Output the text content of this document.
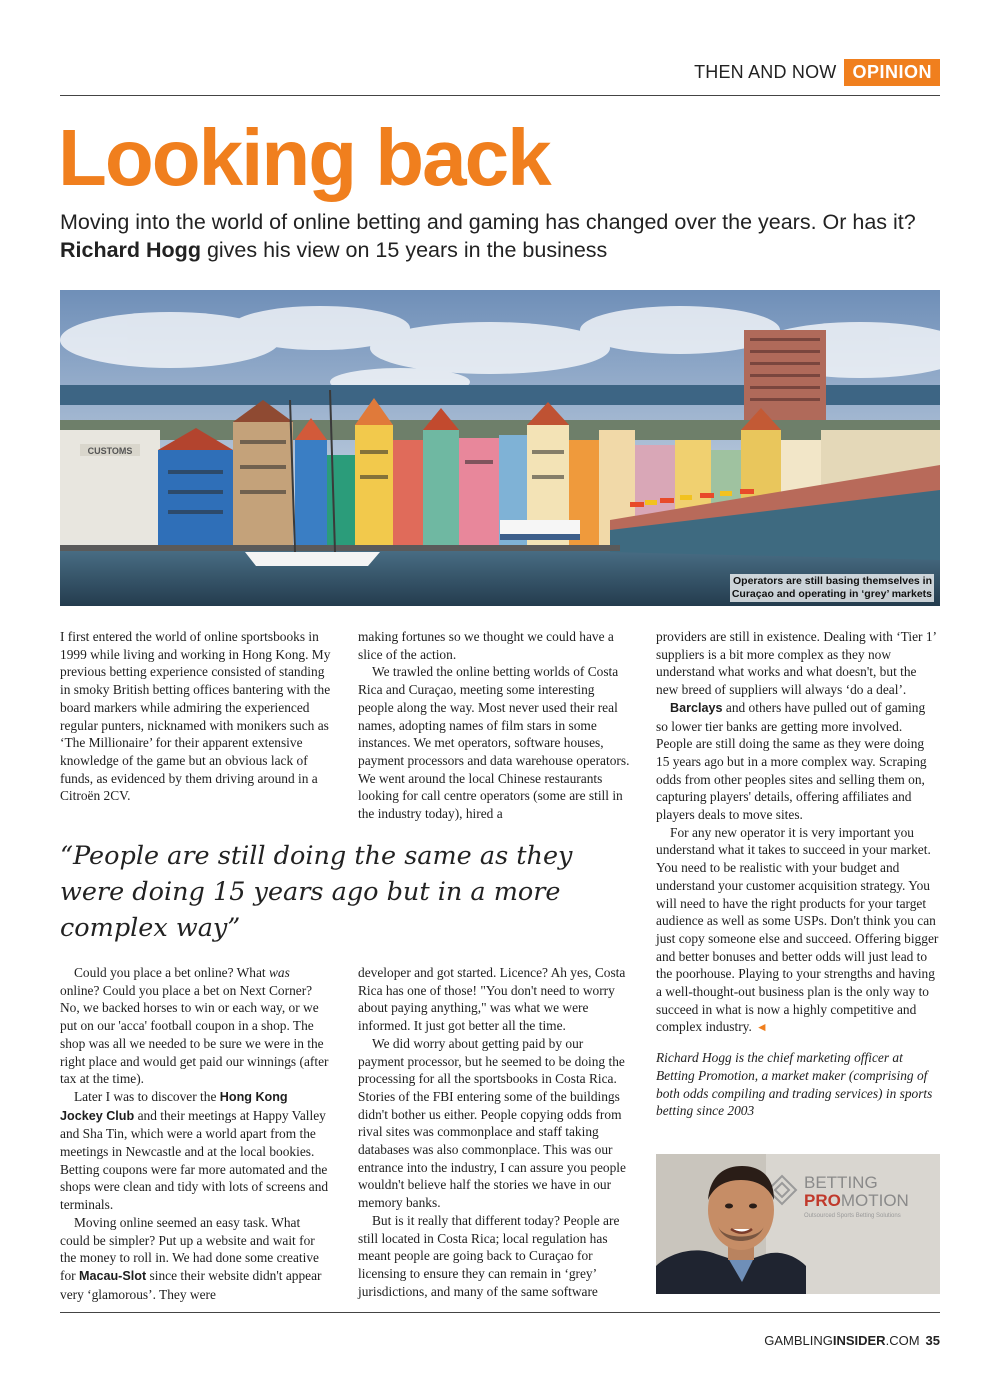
THEN AND NOW OPINION
Looking back

Moving into the world of online betting and gaming has changed over the years. Or has it? Richard Hogg gives his view on 15 years in the business

CUSTOMS
Operators are still basing themselves in
Curaçao and operating in ‘grey’ markets

I first entered the world of online sportsbooks in 1999 while living and working in Hong Kong. My previous betting experience consisted of standing in smoky British betting offices bantering with the board markers while admiring the experienced regular punters, nicknamed with monikers such as ‘The Millionaire’ for their apparent extensive knowledge of the game but an obvious lack of funds, as evidenced by them driving around in a Citroën 2CV.

making fortunes so we thought we could have a slice of the action.

We trawled the online betting worlds of Costa Rica and Curaçao, meeting some interesting people along the way. Most never used their real names, adopting names of film stars in some instances. We met operators, software houses, payment processors and data warehouse operators. We went around the local Chinese restaurants looking for call centre operators (some are still in the industry today), hired a

providers are still in existence. Dealing with ‘Tier 1’ suppliers is a bit more complex as they now understand what works and what doesn't, but the new breed of suppliers will always ‘do a deal’.

Barclays and others have pulled out of gaming so lower tier banks are getting more involved. People are still doing the same as they were doing 15 years ago but in a more complex way. Scraping odds from other peoples sites and selling them on, capturing players' details, offering affiliates and players deals to move sites.

For any new operator it is very important you understand what it takes to succeed in your market. You need to be realistic with your budget and understand your customer acquisition strategy. You will need to have the right products for your target audience as well as some USPs. Don't think you can just copy someone else and succeed. Offering bigger and better bonuses and better odds will just lead to the poorhouse. Playing to your strengths and having a well-thought-out business plan is the only way to succeed in what is now a highly competitive and complex industry. ◄

Richard Hogg is the chief marketing officer at Betting Promotion, a market maker (comprising of both odds compiling and trading services) in sports betting since 2003

“People are still doing the same as they were doing 15 years ago but in a more complex way”

Could you place a bet online? What was online? Could you place a bet on Next Corner? No, we backed horses to win or each way, or we put on our 'acca' football coupon in a shop. The shop was all we needed to be sure we were in the right place and would get paid our winnings (after tax at the time).

Later I was to discover the Hong Kong Jockey Club and their meetings at Happy Valley and Sha Tin, which were a world apart from the meetings in Newcastle and at the local bookies. Betting coupons were far more automated and the shops were clean and tidy with lots of screens and terminals.

Moving online seemed an easy task. What could be simpler? Put up a website and wait for the money to roll in. We had done some creative for Macau-Slot since their website didn't appear very ‘glamorous’. They were

developer and got started. Licence? Ah yes, Costa Rica has one of those! "You don't need to worry about paying anything," was what we were informed. It just got better all the time.

We did worry about getting paid by our payment processor, but he seemed to be doing the processing for all the sportsbooks in Costa Rica. Stories of the FBI entering some of the buildings didn't bother us either. People copying odds from rival sites was commonplace and staff taking databases was also commonplace. This was our entrance into the industry, I can assure you people wouldn't believe half the stories we have in our memory banks.

But is it really that different today? People are still located in Costa Rica; local regulation has meant people are going back to Curaçao for licensing to ensure they can remain in ‘grey’ jurisdictions, and many of the same software

BETTING
PROMOTION
Outsourced Sports Betting Solutions
GAMBLINGINSIDER.COM 35
